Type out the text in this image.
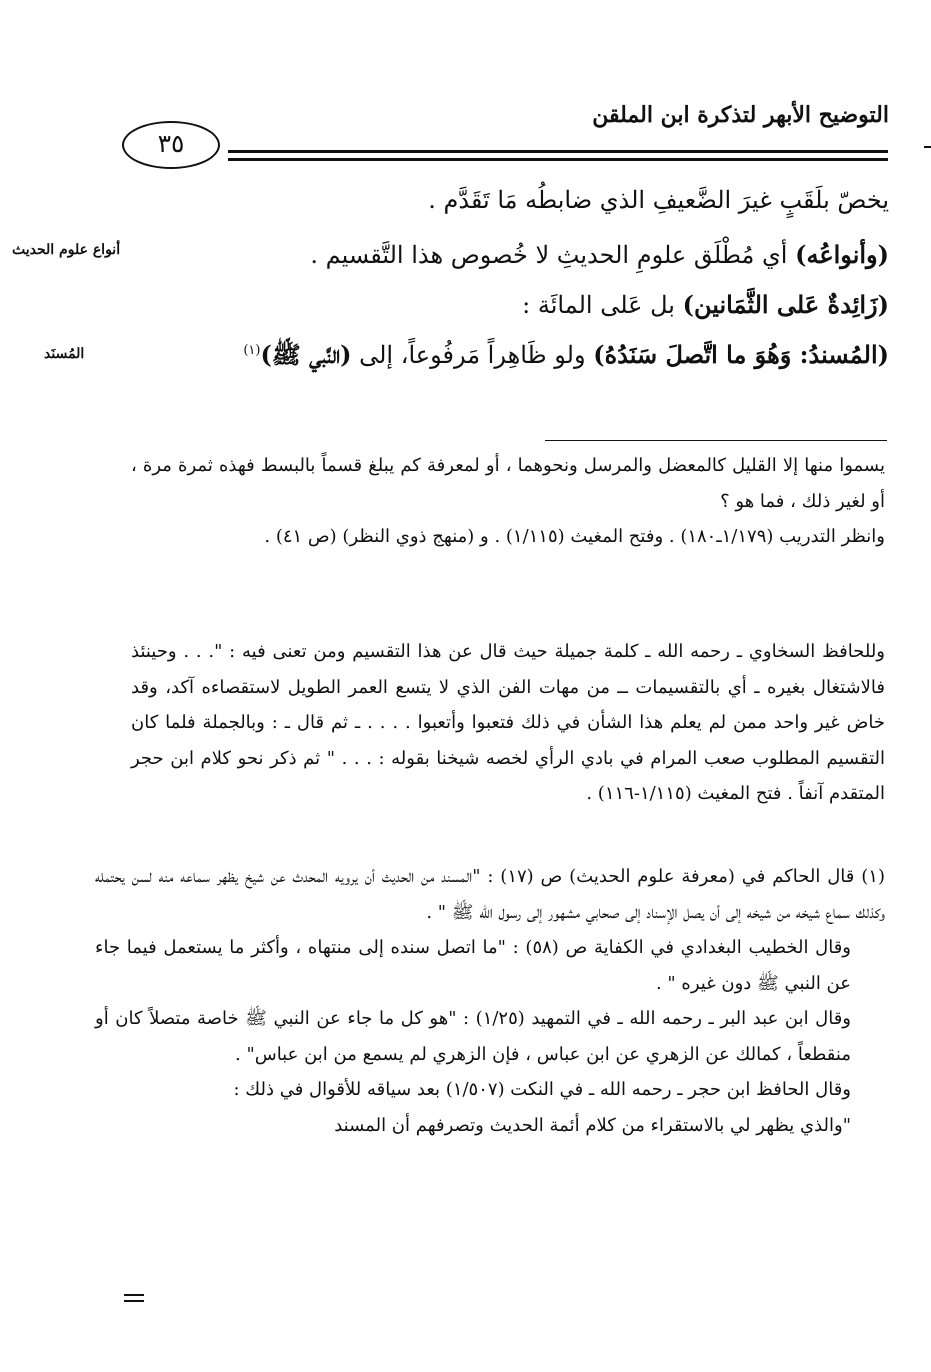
التوضيح الأبهر لتذكرة ابن الملقن
٣٥
يخصّ بلَقَبٍ غيرَ الضَّعيفِ الذي ضابطُه مَا تَقَدَّم .
(وأنواعُه) أي مُطْلَق علومِ الحديثِ لا خُصوص هذا التَّقسيم .
(زَائِدةٌ عَلى الثَّمَانين) بل عَلى المائَة :
(المُسندُ: وَهُوَ ما اتَّصلَ سَنَدُهُ) ولو ظَاهِراً مَرفُوعاً، إلى (النَّبي ﷺ)$^{(١)}$
أنواع علوم الحديث
المُسنَد

يسموا منها إلا القليل كالمعضل والمرسل ونحوهما ، أو لمعرفة كم يبلغ قسماً بالبسط فهذه ثمرة مرة ، أو لغير ذلك ، فما هو ؟

وانظر التدريب (١/١٧٩ـ١٨٠) . وفتح المغيث (١/١١٥) . و (منهج ذوي النظر) (ص ٤١) .

وللحافظ السخاوي ـ رحمه الله ـ كلمة جميلة حيث قال عن هذا التقسيم ومن تعنى فيه : ". . . وحينئذ فالاشتغال بغيره ـ أي بالتقسيمات ــ من مهات الفن الذي لا يتسع العمر الطويل لاستقصاءه آكد، وقد خاض غير واحد ممن لم يعلم هذا الشأن في ذلك فتعبوا وأتعبوا . . . . ـ ثم قال ـ : وبالجملة فلما كان التقسيم المطلوب صعب المرام في بادي الرأي لخصه شيخنا بقوله : . . . " ثم ذكر نحو كلام ابن حجر المتقدم آنفاً . فتح المغيث (١/١١٥-١١٦) .

(١) قال الحاكم في (معرفة علوم الحديث) ص (١٧) : "المسند من الحديث أن يرويه المحدث عن شيخ يظهر سماعه منه لسن يحتمله وكذلك سماع شيخه من شيخه إلى أن يصل الإسناد إلى صحابي مشهور إلى رسول الله ﷺ " .

وقال الخطيب البغدادي في الكفاية ص (٥٨) : "ما اتصل سنده إلى منتهاه ، وأكثر ما يستعمل فيما جاء عن النبي ﷺ دون غيره " .

وقال ابن عبد البر ـ رحمه الله ـ في التمهيد (١/٢٥) : "هو كل ما جاء عن النبي ﷺ خاصة متصلاً كان أو منقطعاً ، كمالك عن الزهري عن ابن عباس ، فإن الزهري لم يسمع من ابن عباس" .

وقال الحافظ ابن حجر ـ رحمه الله ـ في النكت (١/٥٠٧) بعد سياقه للأقوال في ذلك :

"والذي يظهر لي بالاستقراء من كلام أئمة الحديث وتصرفهم أن المسند
